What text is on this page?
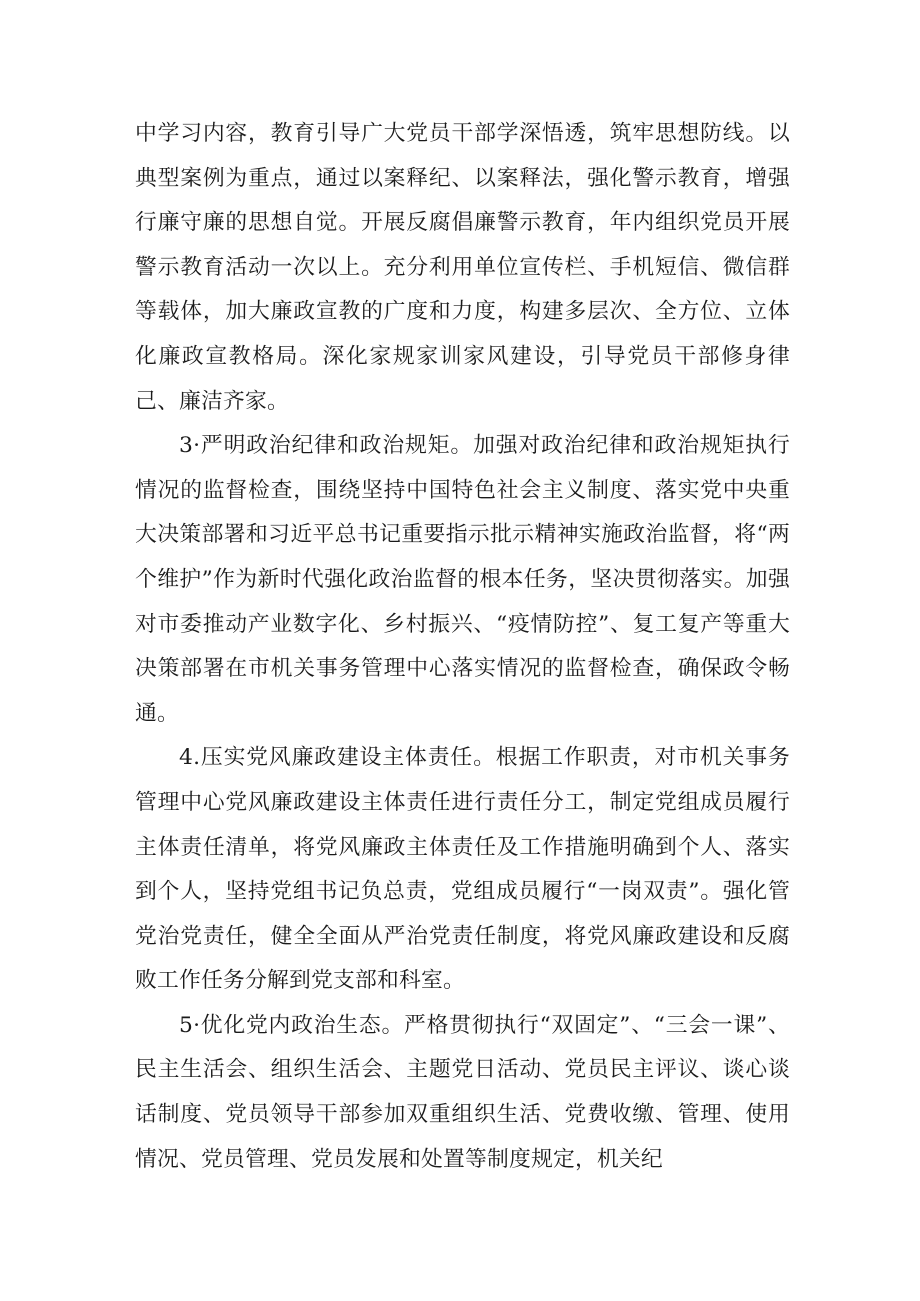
中学习内容，教育引导广大党员干部学深悟透，筑牢思想防线。以典型案例为重点，通过以案释纪、以案释法，强化警示教育，增强行廉守廉的思想自觉。开展反腐倡廉警示教育，年内组织党员开展警示教育活动一次以上。充分利用单位宣传栏、手机短信、微信群等载体，加大廉政宣教的广度和力度，构建多层次、全方位、立体化廉政宣教格局。深化家规家训家风建设，引导党员干部修身律己、廉洁齐家。

3·严明政治纪律和政治规矩。加强对政治纪律和政治规矩执行情况的监督检查，围绕坚持中国特色社会主义制度、落实党中央重大决策部署和习近平总书记重要指示批示精神实施政治监督，将“两个维护”作为新时代强化政治监督的根本任务，坚决贯彻落实。加强对市委推动产业数字化、乡村振兴、“疫情防控”、复工复产等重大决策部署在市机关事务管理中心落实情况的监督检查，确保政令畅通。

4.压实党风廉政建设主体责任。根据工作职责，对市机关事务管理中心党风廉政建设主体责任进行责任分工，制定党组成员履行主体责任清单，将党风廉政主体责任及工作措施明确到个人、落实到个人，坚持党组书记负总责，党组成员履行“一岗双责”。强化管党治党责任，健全全面从严治党责任制度，将党风廉政建设和反腐败工作任务分解到党支部和科室。

5·优化党内政治生态。严格贯彻执行“双固定”、“三会一课”、民主生活会、组织生活会、主题党日活动、党员民主评议、谈心谈话制度、党员领导干部参加双重组织生活、党费收缴、管理、使用情况、党员管理、党员发展和处置等制度规定，机关纪
